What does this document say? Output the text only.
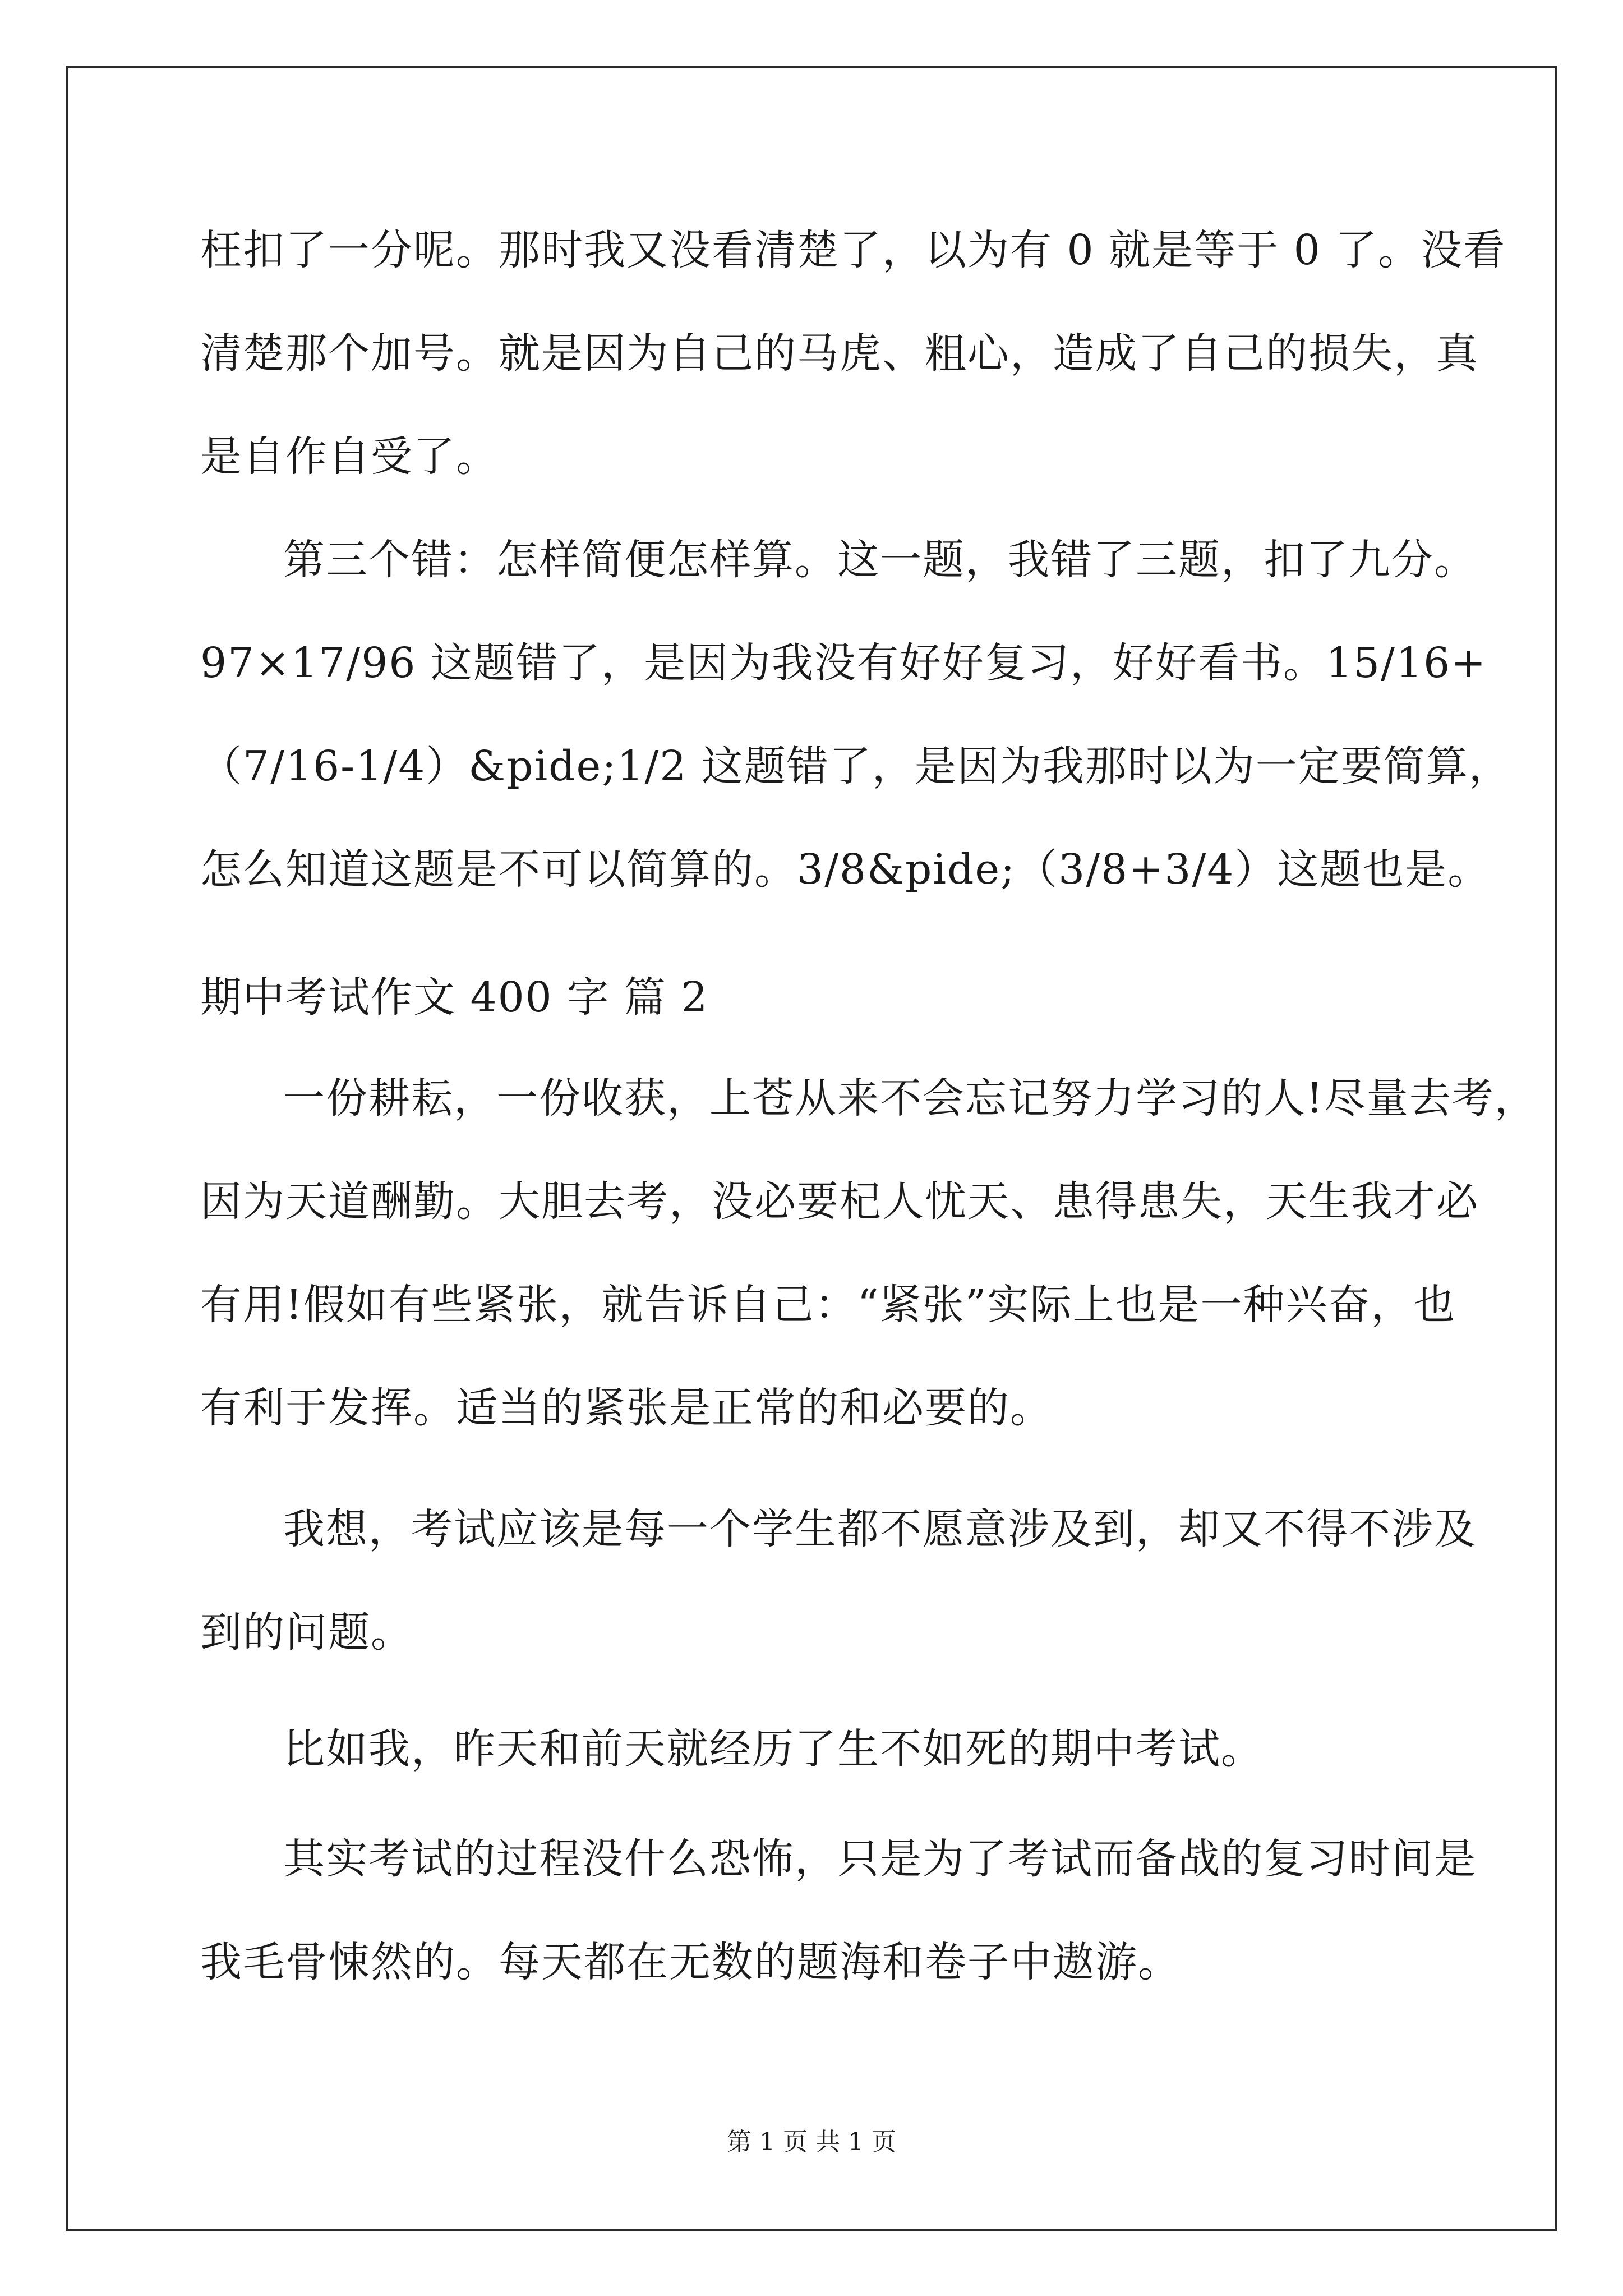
枉扣了一分呢。那时我又没看清楚了，以为有 0 就是等于 0 了。没看
清楚那个加号。就是因为自己的马虎、粗心，造成了自己的损失，真
是自作自受了。
第三个错：怎样简便怎样算。这一题，我错了三题，扣了九分。
97×17/96 这题错了，是因为我没有好好复习，好好看书。15/16+
（7/16-1/4）&pide;1/2 这题错了，是因为我那时以为一定要简算，
怎么知道这题是不可以简算的。3/8&pide;（3/8+3/4）这题也是。
期中考试作文 400 字 篇 2
一份耕耘，一份收获，上苍从来不会忘记努力学习的人!尽量去考，
因为天道酬勤。大胆去考，没必要杞人忧天、患得患失，天生我才必
有用!假如有些紧张，就告诉自己：“紧张”实际上也是一种兴奋，也
有利于发挥。适当的紧张是正常的和必要的。
我想，考试应该是每一个学生都不愿意涉及到，却又不得不涉及
到的问题。
比如我，昨天和前天就经历了生不如死的期中考试。
其实考试的过程没什么恐怖，只是为了考试而备战的复习时间是
我毛骨悚然的。每天都在无数的题海和卷子中遨游。
第 1 页 共 1 页
